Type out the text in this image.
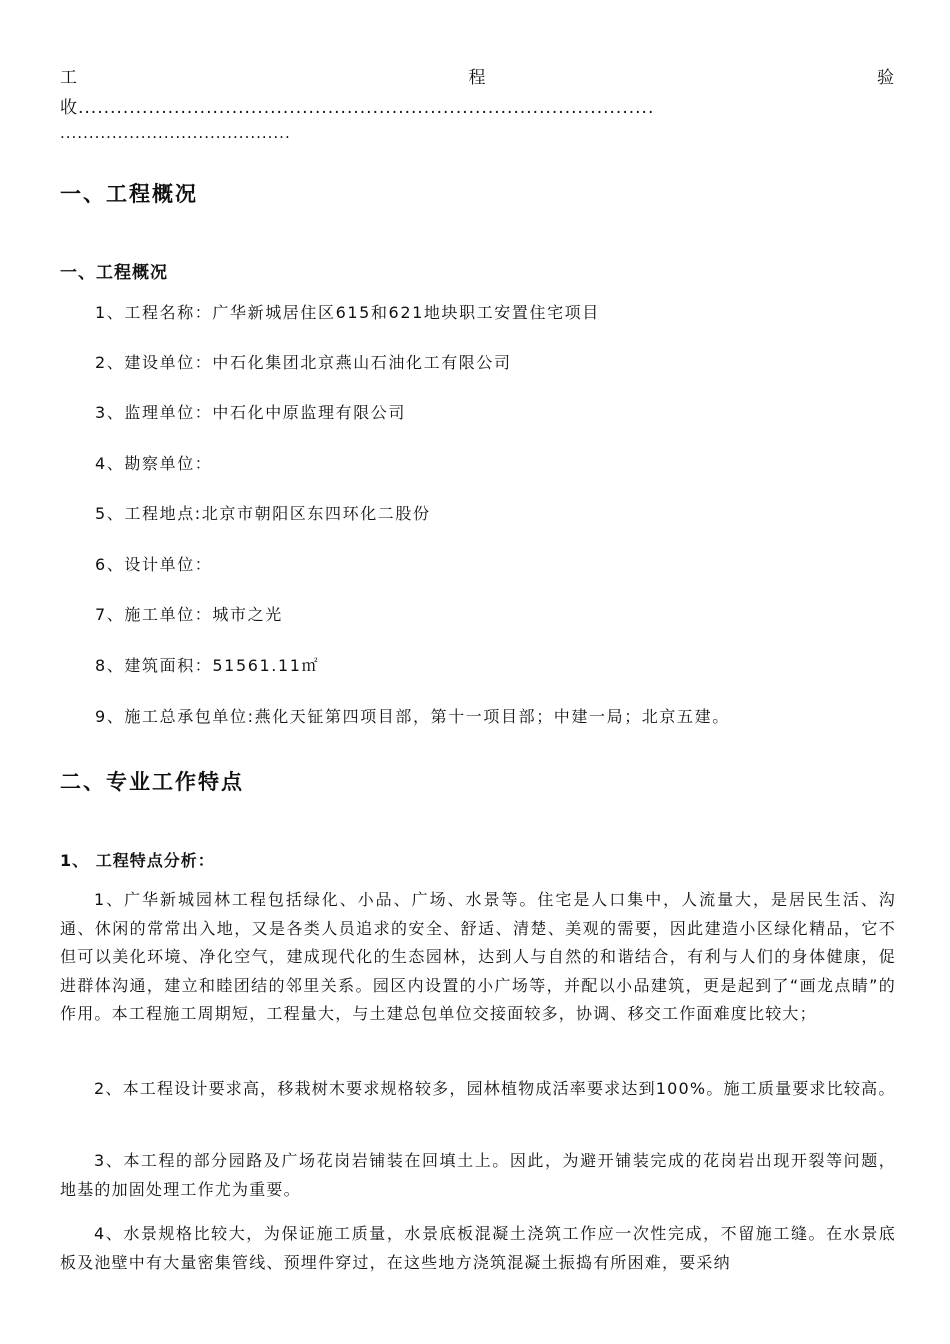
工	程	验
收..........................................................................................
........................................
一、工程概况
一、工程概况
1、工程名称：广华新城居住区615和621地块职工安置住宅项目
2、建设单位：中石化集团北京燕山石油化工有限公司
3、监理单位：中石化中原监理有限公司
4、勘察单位：
5、工程地点:北京市朝阳区东四环化二股份
6、设计单位：
7、施工单位：城市之光
8、建筑面积：51561.11㎡
9、施工总承包单位:燕化天钲第四项目部，第十一项目部；中建一局；北京五建。
二、专业工作特点
1、 工程特点分析：
1、广华新城园林工程包括绿化、小品、广场、水景等。住宅是人口集中，人流量大，是居民生活、沟通、休闲的常常出入地，又是各类人员追求的安全、舒适、清楚、美观的需要，因此建造小区绿化精品，它不但可以美化环境、净化空气，建成现代化的生态园林，达到人与自然的和谐结合，有利与人们的身体健康，促进群体沟通，建立和睦团结的邻里关系。园区内设置的小广场等，并配以小品建筑，更是起到了“画龙点睛”的作用。本工程施工周期短，工程量大，与土建总包单位交接面较多，协调、移交工作面难度比较大；
2、本工程设计要求高，移栽树木要求规格较多，园林植物成活率要求达到100%。施工质量要求比较高。
3、本工程的部分园路及广场花岗岩铺装在回填土上。因此，为避开铺装完成的花岗岩出现开裂等问题，地基的加固处理工作尤为重要。
4、水景规格比较大，为保证施工质量，水景底板混凝土浇筑工作应一次性完成，不留施工缝。在水景底板及池壁中有大量密集管线、预埋件穿过，在这些地方浇筑混凝土振捣有所困难，要采纳
